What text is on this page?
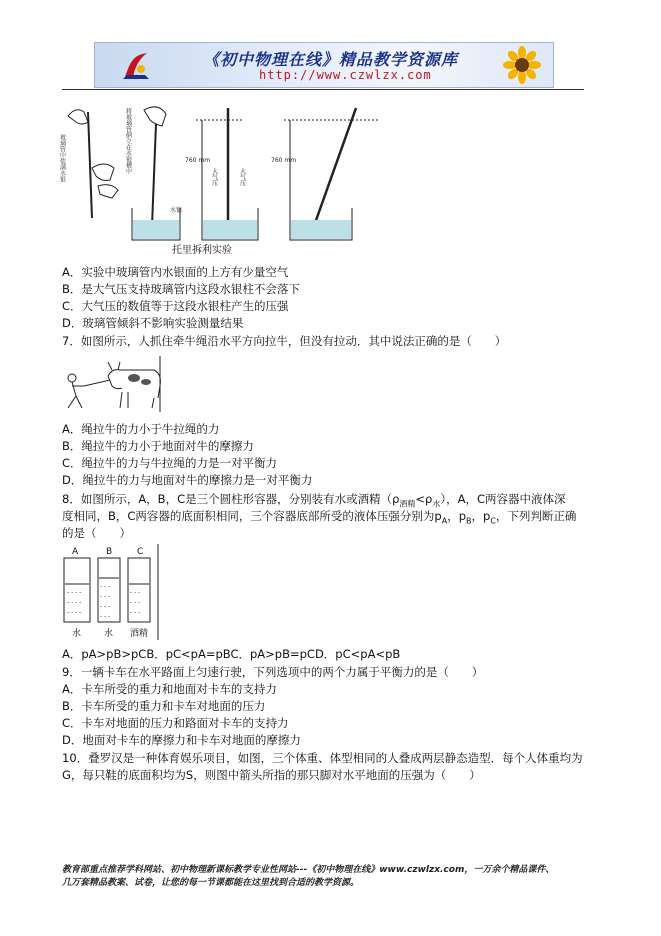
《初中物理在线》精品教学资源库
http://www.czwlzx.com
玻璃管中装满水银	将玻璃管倒立在水银槽中
水银
760 mm
大气压	大气压
760 mm
托里拆利实验
A．实验中玻璃管内水银面的上方有少量空气
B．是大气压支持玻璃管内这段水银柱不会落下
C．大气压的数值等于这段水银柱产生的压强
D．玻璃管倾斜不影响实验测量结果
7．如图所示，人抓住牵牛绳沿水平方向拉牛，但没有拉动．其中说法正确的是（　　）
A．绳拉牛的力小于牛拉绳的力
B．绳拉牛的力小于地面对牛的摩擦力
C．绳拉牛的力与牛拉绳的力是一对平衡力
D．绳拉牛的力与地面对牛的摩擦力是一对平衡力
8．如图所示，A，B，C是三个圆柱形容器，分别装有水或酒精$(\rho_{酒精}<\rho_水)$，A，C两容器中液体深
度相同，B，C两容器的底面积相同，三个容器底部所受的液体压强分别为$p_A$，$p_B$，$p_C$，下列判断正确
的是（　　）
A	B	C
- - - -
- - - -
- - - -
- - -
- - -
- - -
- - -
- - -
- - -
- - -
水	水 酒精
A．pA>pB>pCB．pC<pA=pBC．pA>pB=pCD．pC<pA<pB
9．一辆卡车在水平路面上匀速行驶，下列选项中的两个力属于平衡力的是（　　）
A．卡车所受的重力和地面对卡车的支持力
B．卡车所受的重力和卡车对地面的压力
C．卡车对地面的压力和路面对卡车的支持力
D．地面对卡车的摩擦力和卡车对地面的摩擦力
10．叠罗汉是一种体育娱乐项目，如图，三个体重、体型相同的人叠成两层静态造型．每个人体重均为
G，每只鞋的底面积均为S，则图中箭头所指的那只脚对水平地面的压强为（　　）
教育部重点推荐学科网站、初中物理新课标教学专业性网站---《初中物理在线》www.czwlzx.com，一万余个精品课件、
几万套精品教案、试卷，让您的每一节课都能在这里找到合适的教学资源。
